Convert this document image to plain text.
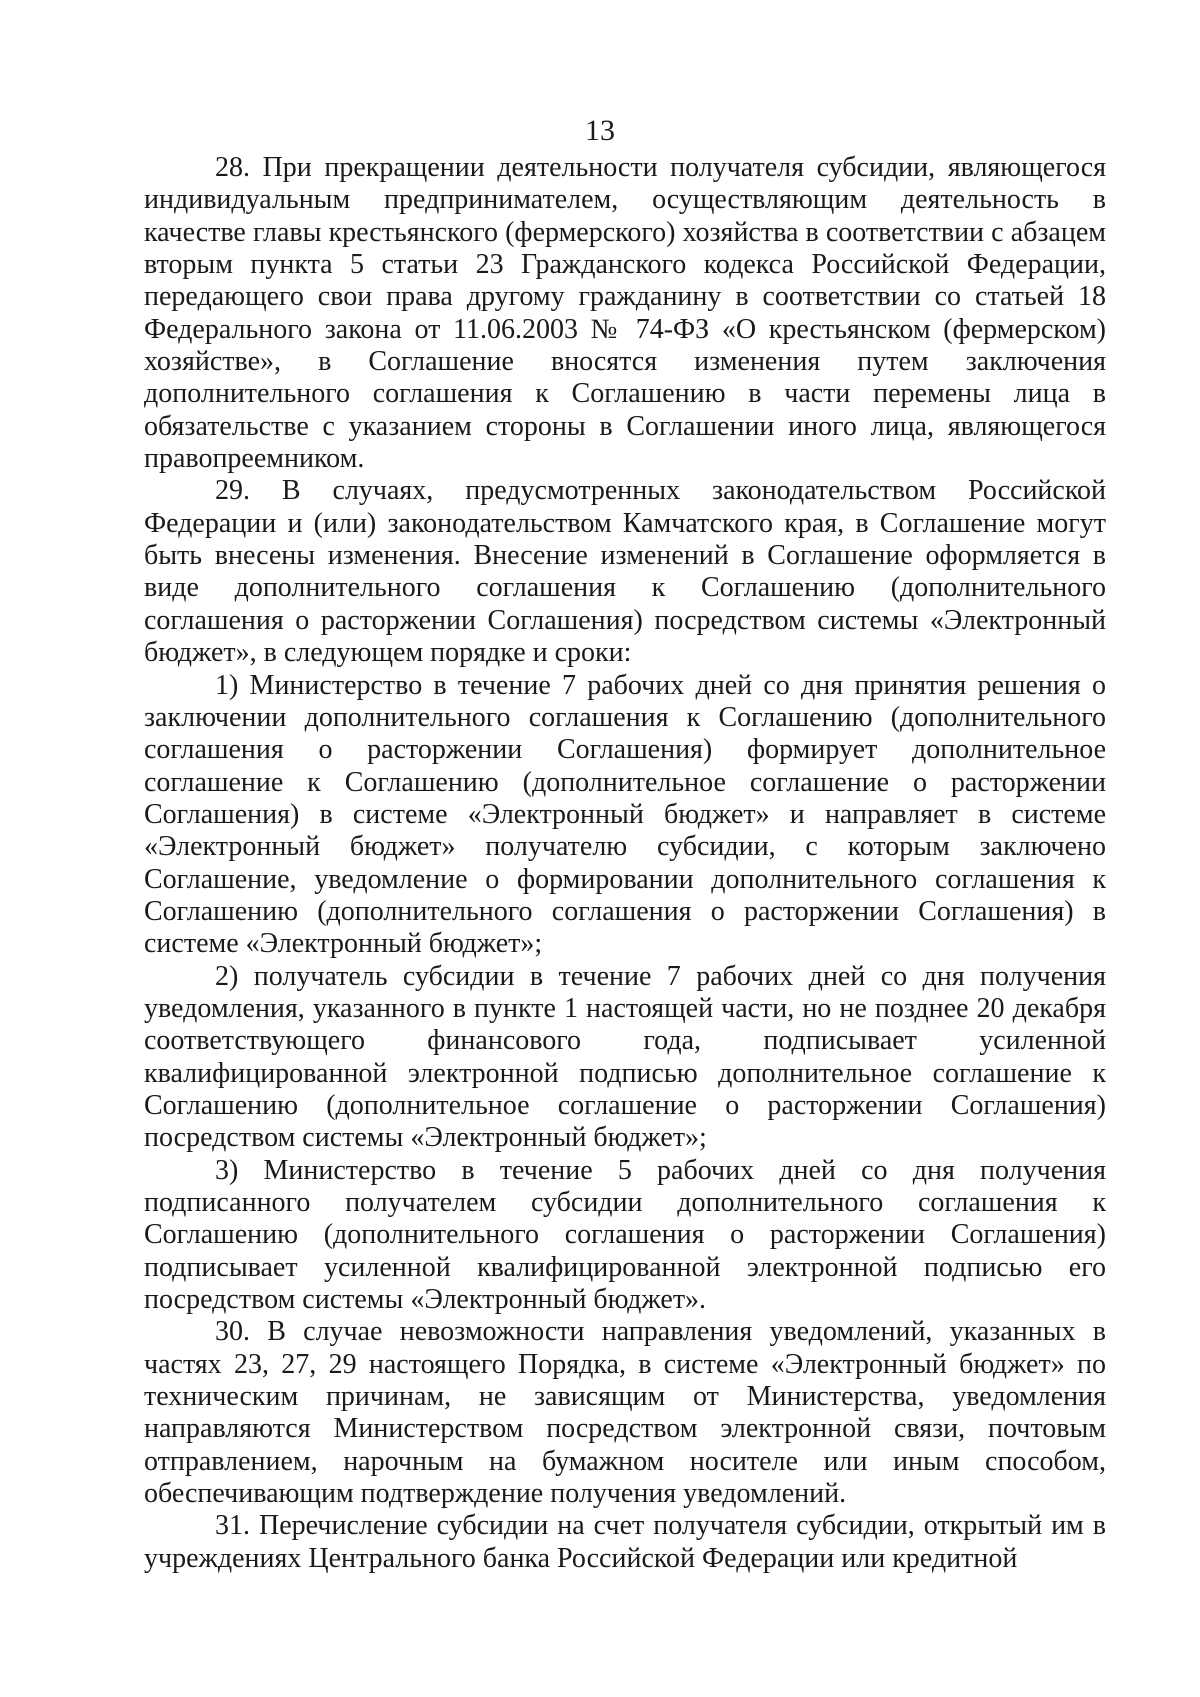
13

28. При прекращении деятельности получателя субсидии, являющегося индивидуальным предпринимателем, осуществляющим деятельность в качестве главы крестьянского (фермерского) хозяйства в соответствии с абзацем вторым пункта 5 статьи 23 Гражданского кодекса Российской Федерации, передающего свои права другому гражданину в соответствии со статьей 18 Федерального закона от 11.06.2003 № 74-ФЗ «О крестьянском (фермерском) хозяйстве», в Соглашение вносятся изменения путем заключения дополнительного соглашения к Соглашению в части перемены лица в обязательстве с указанием стороны в Соглашении иного лица, являющегося правопреемником.

29. В случаях, предусмотренных законодательством Российской Федерации и (или) законодательством Камчатского края, в Соглашение могут быть внесены изменения. Внесение изменений в Соглашение оформляется в виде дополнительного соглашения к Соглашению (дополнительного соглашения о расторжении Соглашения) посредством системы «Электронный бюджет», в следующем порядке и сроки:

1) Министерство в течение 7 рабочих дней со дня принятия решения о заключении дополнительного соглашения к Соглашению (дополнительного соглашения о расторжении Соглашения) формирует дополнительное соглашение к Соглашению (дополнительное соглашение о расторжении Соглашения) в системе «Электронный бюджет» и направляет в системе «Электронный бюджет» получателю субсидии, с которым заключено Соглашение, уведомление о формировании дополнительного соглашения к Соглашению (дополнительного соглашения о расторжении Соглашения) в системе «Электронный бюджет»;

2) получатель субсидии в течение 7 рабочих дней со дня получения уведомления, указанного в пункте 1 настоящей части, но не позднее 20 декабря соответствующего финансового года, подписывает усиленной квалифицированной электронной подписью дополнительное соглашение к Соглашению (дополнительное соглашение о расторжении Соглашения) посредством системы «Электронный бюджет»;

3) Министерство в течение 5 рабочих дней со дня получения подписанного получателем субсидии дополнительного соглашения к Соглашению (дополнительного соглашения о расторжении Соглашения) подписывает усиленной квалифицированной электронной подписью его посредством системы «Электронный бюджет».

30. В случае невозможности направления уведомлений, указанных в частях 23, 27, 29 настоящего Порядка, в системе «Электронный бюджет» по техническим причинам, не зависящим от Министерства, уведомления направляются Министерством посредством электронной связи, почтовым отправлением, нарочным на бумажном носителе или иным способом, обеспечивающим подтверждение получения уведомлений.

31. Перечисление субсидии на счет получателя субсидии, открытый им в учреждениях Центрального банка Российской Федерации или кредитной
